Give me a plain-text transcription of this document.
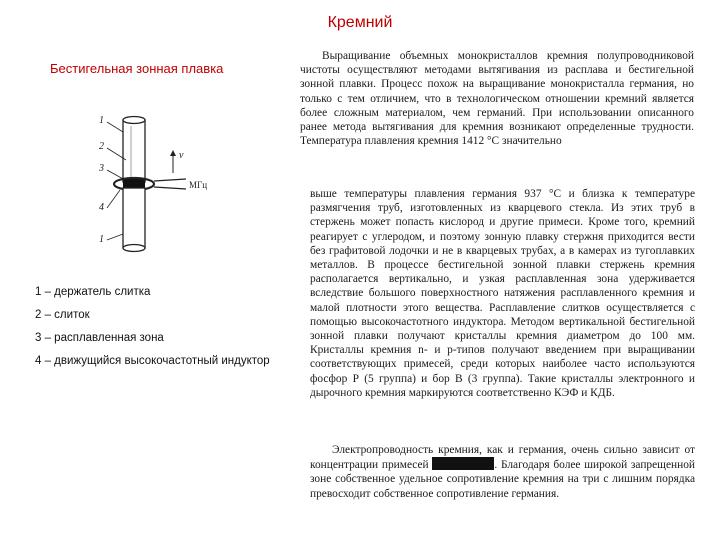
Кремний
Бестигельная зонная плавка
1
2
3
4
1
v
МГц
1 – держатель слитка
2 – слиток
3 – расплавленная зона
4 – движущийся высокочастотный индуктор

Выращивание объемных монокристаллов кремния полупроводниковой чистоты осуществляют методами вытягивания из расплава и бестигельной зонной плавки. Процесс похож на выращивание монокристалла германия, но только с тем отличием, что в технологическом отношении кремний является более сложным материалом, чем германий. При использовании описанного ранее метода вытягивания для кремния возникают определенные трудности. Температура плавления кремния 1412 °С значительно

выше температуры плавления германия 937 °С и близка к температуре размягчения труб, изготовленных из кварцевого стекла. Из этих труб в стержень может попасть кислород и другие примеси. Кроме того, кремний реагирует с углеродом, и поэтому зонную плавку стержня приходится вести без графитовой лодочки и не в кварцевых трубах, а в камерах из тугоплавких металлов. В процессе бестигельной зонной плавки стержень кремния располагается вертикально, и узкая расплавленная зона удерживается вследствие большого поверхностного натяжения расплавленного кремния и малой плотности этого вещества. Расплавление слитков осуществляется с помощью высокочастотного индуктора. Методом вертикальной бестигельной зонной плавки получают кристаллы кремния диаметром до 100 мм. Кристаллы кремния n- и p-типов получают введением при выращивании соответствующих примесей, среди которых наиболее часто используются фосфор Р (5 группа) и бор В (3 группа). Такие кристаллы электронного и дырочного кремния маркируются соответственно КЭФ и КДБ.

Электропроводность кремния, как и германия, очень сильно зависит от концентрации примесей	. Благодаря более широкой запрещенной зоне собственное удельное сопротивление кремния на три с лишним порядка превосходит собственное сопротивление германия.
